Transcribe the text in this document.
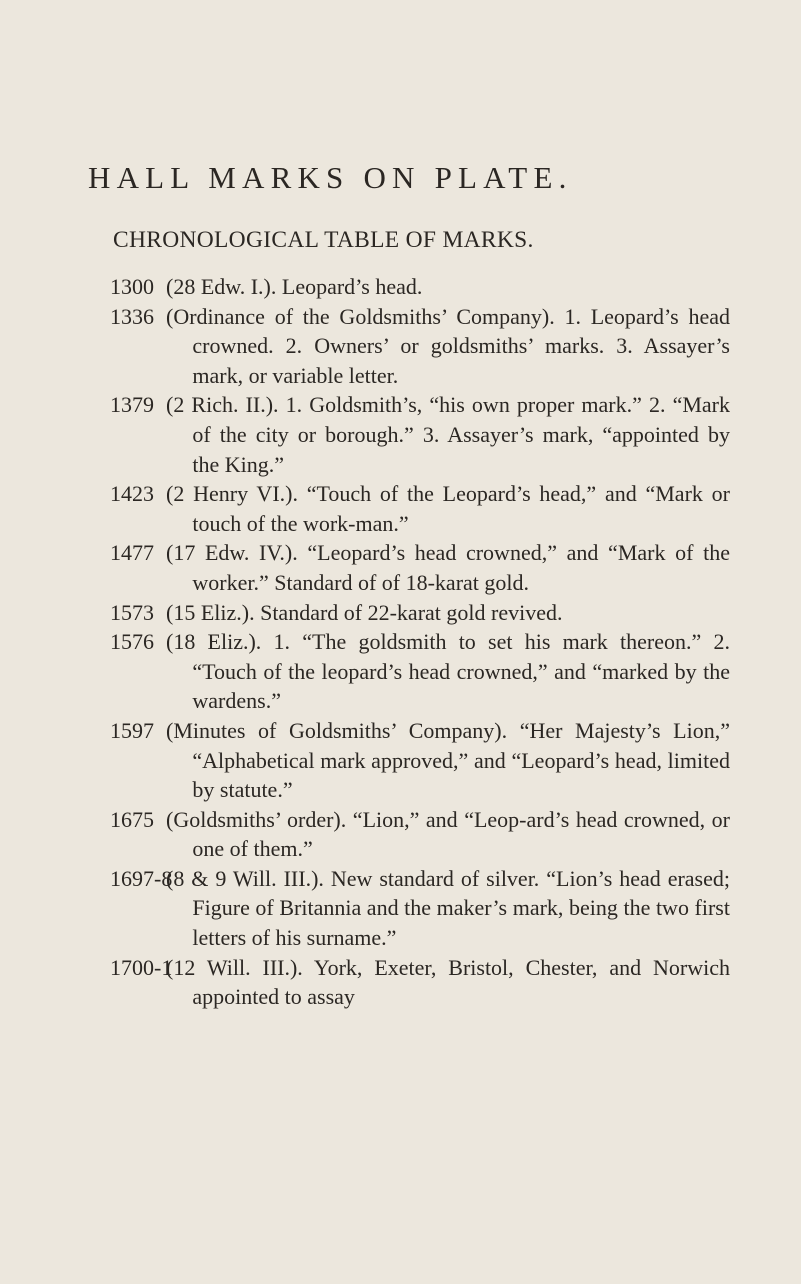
HALL MARKS ON PLATE.
CHRONOLOGICAL TABLE OF MARKS.
1300 (28 Edw. I.). Leopard’s head.
1336 (Ordinance of the Goldsmiths’ Company). 1. Leopard’s head crowned. 2. Owners’ or goldsmiths’ marks. 3. Assayer’s mark, or variable letter.
1379 (2 Rich. II.). 1. Goldsmith’s, “his own proper mark.” 2. “Mark of the city or borough.” 3. Assayer’s mark, “appointed by the King.”
1423 (2 Henry VI.). “Touch of the Leopard’s head,” and “Mark or touch of the work-man.”
1477 (17 Edw. IV.). “Leopard’s head crowned,” and “Mark of the worker.” Standard of of 18-karat gold.
1573 (15 Eliz.). Standard of 22-karat gold revived.
1576 (18 Eliz.). 1. “The goldsmith to set his mark thereon.” 2. “Touch of the leopard’s head crowned,” and “marked by the wardens.”
1597 (Minutes of Goldsmiths’ Company). “Her Majesty’s Lion,” “Alphabetical mark approved,” and “Leopard’s head, limited by statute.”
1675 (Goldsmiths’ order). “Lion,” and “Leop-ard’s head crowned, or one of them.”
1697-8
(8 & 9 Will. III.). New standard of silver. “Lion’s head erased; Figure of Britannia and the maker’s mark, being the two first letters of his surname.”
1700-1
(12 Will. III.). York, Exeter, Bristol, Chester, and Norwich appointed to assay
